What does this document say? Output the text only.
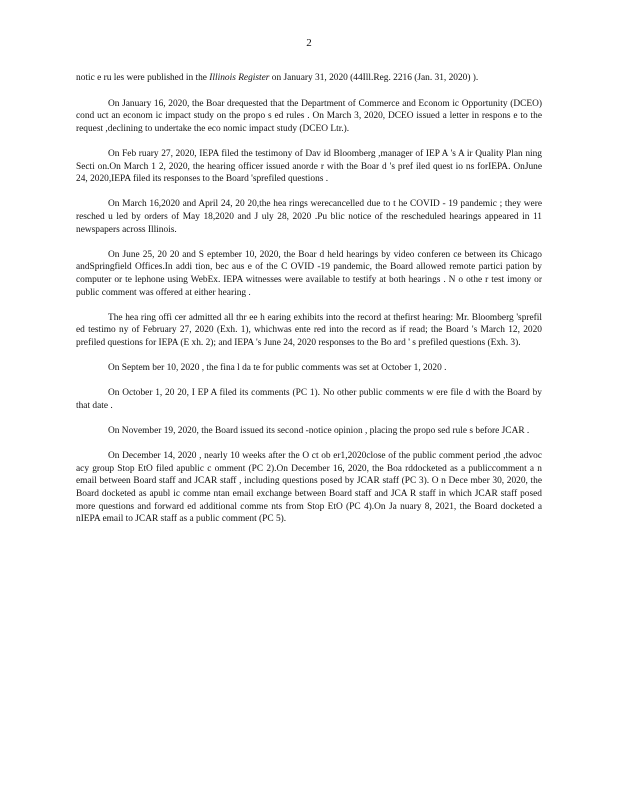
2

notic e ru les were published in the Illinois Register on January 31, 2020 (44Ill.Reg. 2216 (Jan. 31, 2020) ).

On January 16, 2020, the Boar drequested that the Department of Commerce and Econom ic Opportunity (DCEO) cond uct an econom ic impact study on the propo s ed rules . On March 3, 2020, DCEO issued a letter in respons e to the request ,declining to undertake the eco nomic impact study (DCEO Ltr.).

On Feb ruary 27, 2020, IEPA filed the testimony of Dav id Bloomberg ,manager of IEP A 's A ir Quality Plan ning Secti on.On March 1 2, 2020, the hearing officer issued anorde r with the Boar d 's pref iled quest io ns forIEPA. OnJune 24, 2020,IEPA filed its responses to the Board 'sprefiled questions .

On March 16,2020 and April 24, 20 20,the hea rings werecancelled due to t he COVID - 19 pandemic ; they were resched u led by orders of May 18,2020 and J uly 28, 2020 .Pu blic notice of the rescheduled hearings appeared in 11 newspapers across Illinois.

On June 25, 20 20 and S eptember 10, 2020, the Boar d held hearings by video conferen ce between its Chicago andSpringfield Offices.In addi tion, bec aus e of the C OVID -19 pandemic, the Board allowed remote partici pation by computer or te lephone using WebEx. IEPA witnesses were available to testify at both hearings . N o othe r test imony or public comment was offered at either hearing .

The hea ring offi cer admitted all thr ee h earing exhibits into the record at thefirst hearing: Mr. Bloomberg 'sprefil ed testimo ny of February 27, 2020 (Exh. 1), whichwas ente red into the record as if read; the Board 's March 12, 2020 prefiled questions for IEPA (E xh. 2); and IEPA 's June 24, 2020 responses to the Bo ard ' s prefiled questions (Exh. 3).

On Septem ber 10, 2020 , the fina l da te for public comments was set at October 1, 2020 .

On October 1, 20 20, I EP A filed its comments (PC 1). No other public comments w ere file d with the Board by that date .

On November 19, 2020, the Board issued its second -notice opinion , placing the propo sed rule s before JCAR .

On December 14, 2020 , nearly 10 weeks after the O ct ob er1,2020close of the public comment period ,the advoc acy group Stop EtO filed apublic c omment (PC 2).On December 16, 2020, the Boa rddocketed as a publiccomment a n email between Board staff and JCAR staff , including questions posed by JCAR staff (PC 3). O n Dece mber 30, 2020, the Board docketed as apubl ic comme ntan email exchange between Board staff and JCA R staff in which JCAR staff posed more questions and forward ed additional comme nts from Stop EtO (PC 4).On Ja nuary 8, 2021, the Board docketed a nIEPA email to JCAR staff as a public comment (PC 5).
